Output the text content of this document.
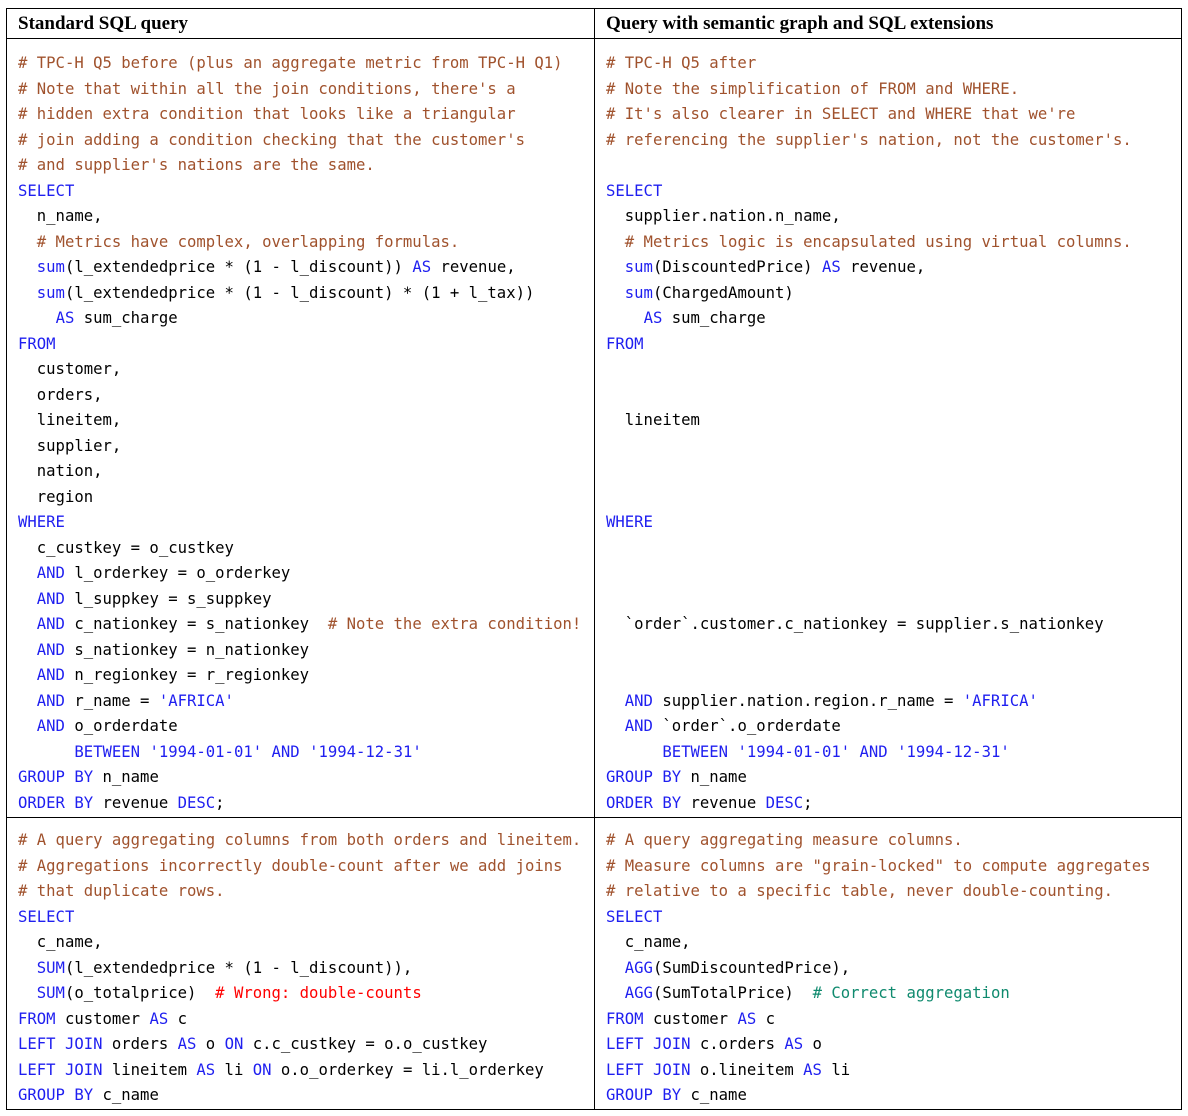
Standard SQL query	Query with semantic graph and SQL extensions
# TPC-H Q5 before (plus an aggregate metric from TPC-H Q1)
# Note that within all the join conditions, there's a
# hidden extra condition that looks like a triangular
# join adding a condition checking that the customer's
# and supplier's nations are the same.
SELECT
n_name,
# Metrics have complex, overlapping formulas.
sum(l_extendedprice * (1 - l_discount)) AS revenue,
sum(l_extendedprice * (1 - l_discount) * (1 + l_tax))
AS sum_charge
FROM
customer,
orders,
lineitem,
supplier,
nation,
region
WHERE
c_custkey = o_custkey
AND l_orderkey = o_orderkey
AND l_suppkey = s_suppkey
AND c_nationkey = s_nationkey  # Note the extra condition!
AND s_nationkey = n_nationkey
AND n_regionkey = r_regionkey
AND r_name = 'AFRICA'
AND o_orderdate
BETWEEN '1994-01-01' AND '1994-12-31'
GROUP BY n_name
ORDER BY revenue DESC;
# TPC-H Q5 after
# Note the simplification of FROM and WHERE.
# It's also clearer in SELECT and WHERE that we're
# referencing the supplier's nation, not the customer's.
SELECT
supplier.nation.n_name,
# Metrics logic is encapsulated using virtual columns.
sum(DiscountedPrice) AS revenue,
sum(ChargedAmount)
AS sum_charge
FROM
lineitem
WHERE
`order`.customer.c_nationkey = supplier.s_nationkey
AND supplier.nation.region.r_name = 'AFRICA'
AND `order`.o_orderdate
BETWEEN '1994-01-01' AND '1994-12-31'
GROUP BY n_name
ORDER BY revenue DESC;
# A query aggregating columns from both orders and lineitem.
# Aggregations incorrectly double-count after we add joins
# that duplicate rows.
SELECT
c_name,
SUM(l_extendedprice * (1 - l_discount)),
SUM(o_totalprice)  # Wrong: double-counts
FROM customer AS c
LEFT JOIN orders AS o ON c.c_custkey = o.o_custkey
LEFT JOIN lineitem AS li ON o.o_orderkey = li.l_orderkey
GROUP BY c_name
# A query aggregating measure columns.
# Measure columns are "grain-locked" to compute aggregates
# relative to a specific table, never double-counting.
SELECT
c_name,
AGG(SumDiscountedPrice),
AGG(SumTotalPrice)  # Correct aggregation
FROM customer AS c
LEFT JOIN c.orders AS o
LEFT JOIN o.lineitem AS li
GROUP BY c_name
